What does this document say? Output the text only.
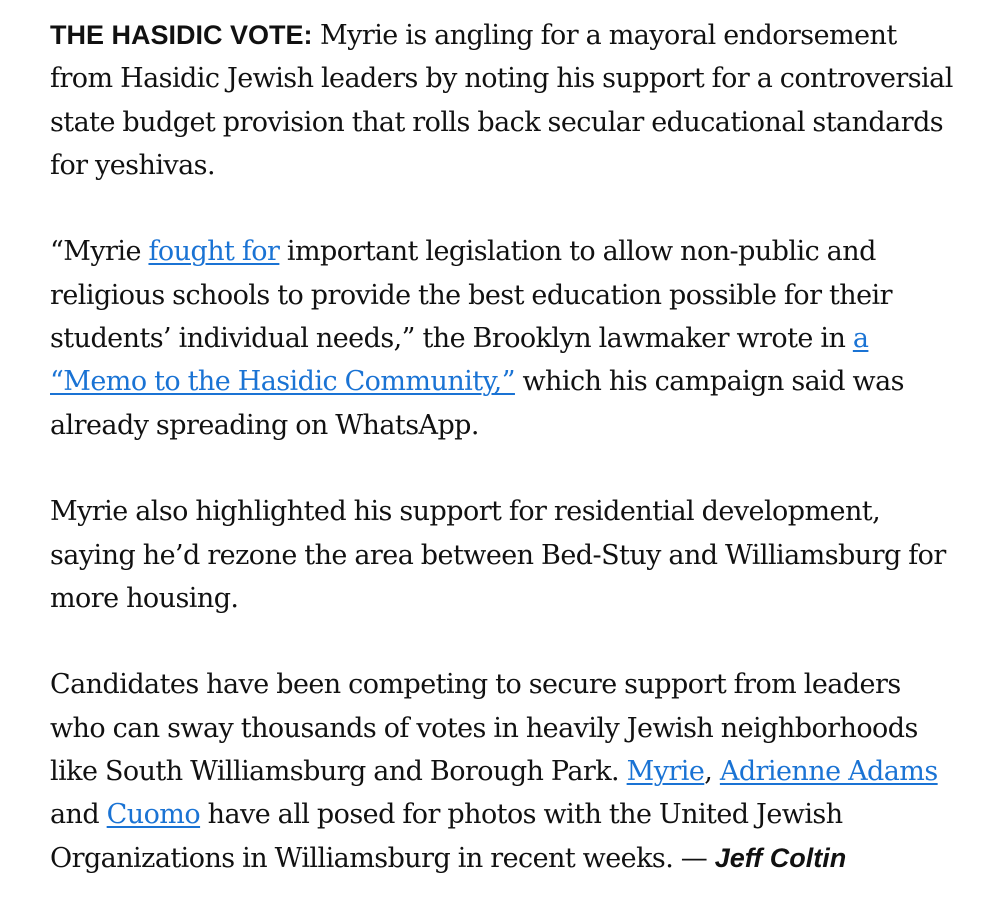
THE HASIDIC VOTE: Myrie is angling for a mayoral endorsement from Hasidic Jewish leaders by noting his support for a controversial state budget provision that rolls back secular educational standards for yeshivas.

“Myrie fought for important legislation to allow non-public and religious schools to provide the best education possible for their students’ individual needs,” the Brooklyn lawmaker wrote in a “Memo to the Hasidic Community,” which his campaign said was already spreading on WhatsApp.

Myrie also highlighted his support for residential development, saying he’d rezone the area between Bed-Stuy and Williamsburg for more housing.

Candidates have been competing to secure support from leaders who can sway thousands of votes in heavily Jewish neighborhoods like South Williamsburg and Borough Park. Myrie, Adrienne Adams and Cuomo have all posed for photos with the United Jewish Organizations in Williamsburg in recent weeks. — Jeff Coltin
